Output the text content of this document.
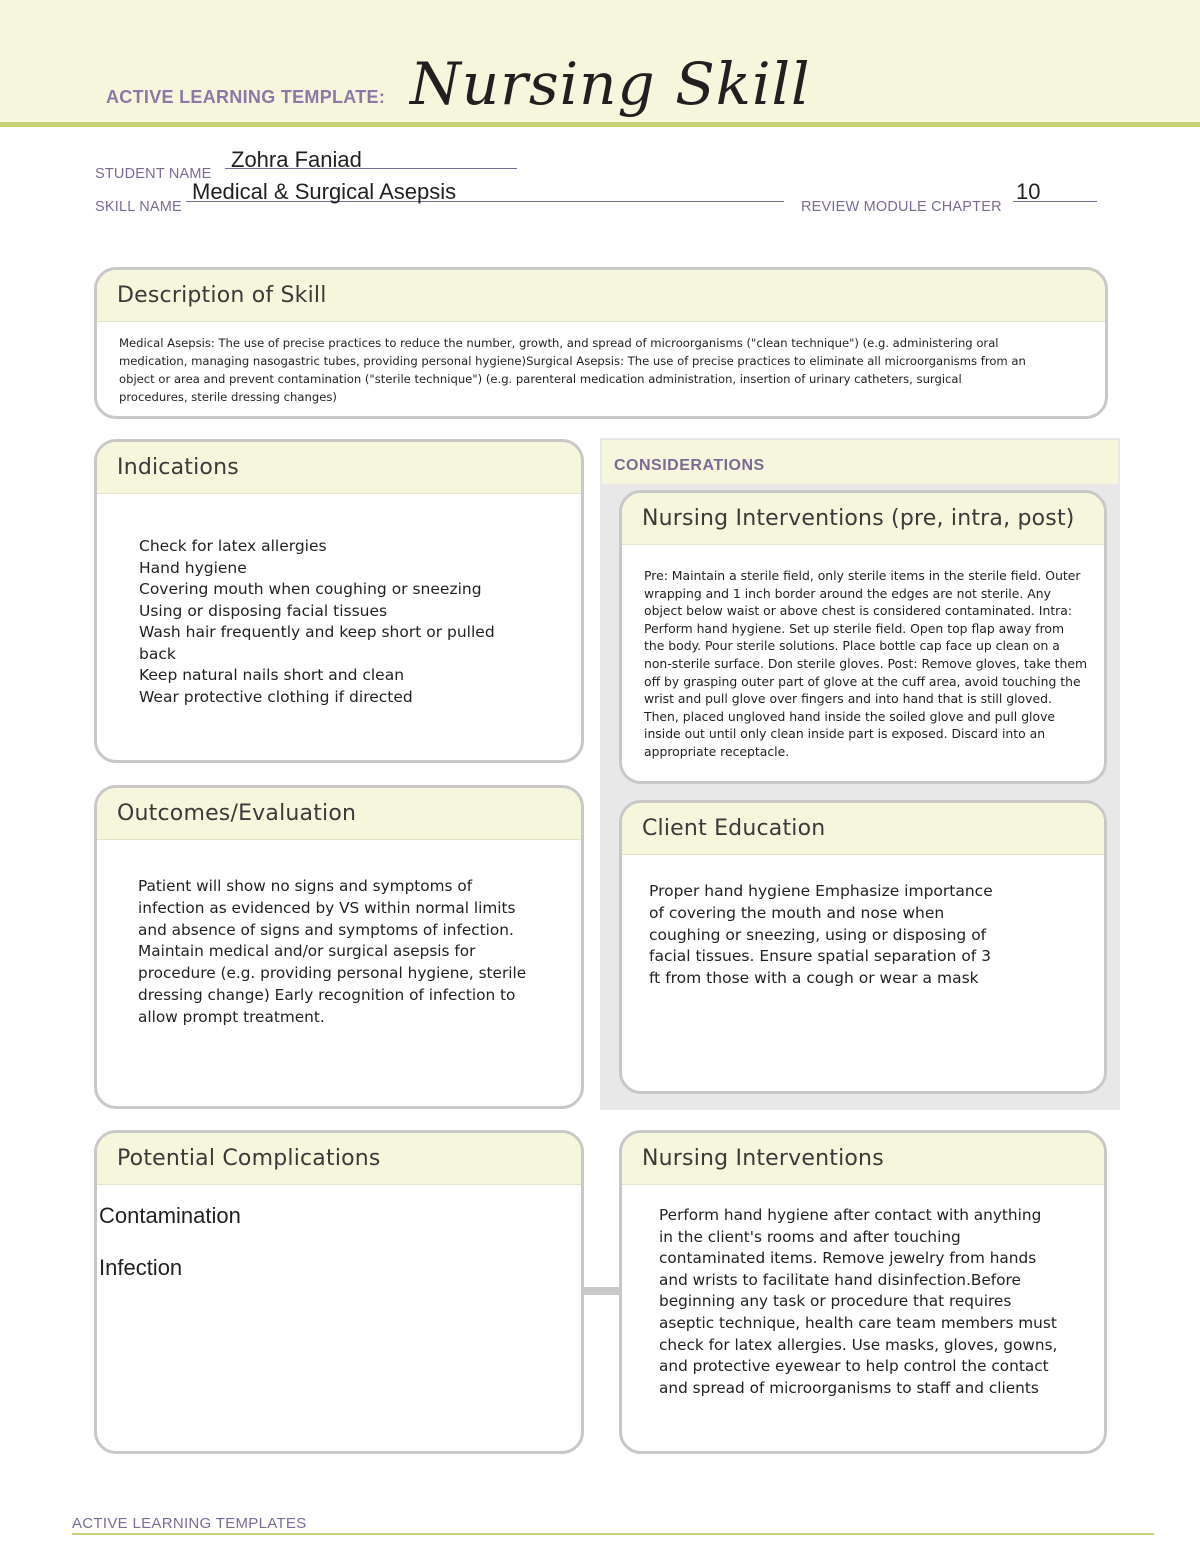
ACTIVE LEARNING TEMPLATE: Nursing Skill
STUDENT NAME
Zohra Faniad
SKILL NAME
Medical & Surgical Asepsis
REVIEW MODULE CHAPTER
10
Description of Skill
Medical Asepsis: The use of precise practices to reduce the number, growth, and spread of microorganisms ("clean technique") (e.g. administering oral medication, managing nasogastric tubes, providing personal hygiene)Surgical Asepsis: The use of precise practices to eliminate all microorganisms from an object or area and prevent contamination ("sterile technique") (e.g. parenteral medication administration, insertion of urinary catheters, surgical procedures, sterile dressing changes)
Indications
Check for latex allergies
Hand hygiene
Covering mouth when coughing or sneezing
Using or disposing facial tissues
Wash hair frequently and keep short or pulled
back
Keep natural nails short and clean
Wear protective clothing if directed
CONSIDERATIONS
Nursing Interventions (pre, intra, post)
Pre: Maintain a sterile field, only sterile items in the sterile field. Outer wrapping and 1 inch border around the edges are not sterile. Any object below waist or above chest is considered contaminated. Intra: Perform hand hygiene. Set up sterile field. Open top flap away from the body. Pour sterile solutions. Place bottle cap face up clean on a non-sterile surface. Don sterile gloves. Post: Remove gloves, take them off by grasping outer part of glove at the cuff area, avoid touching the wrist and pull glove over fingers and into hand that is still gloved. Then, placed ungloved hand inside the soiled glove and pull glove inside out until only clean inside part is exposed. Discard into an appropriate receptacle.
Client Education
Proper hand hygiene Emphasize importance of covering the mouth and nose when coughing or sneezing, using or disposing of facial tissues. Ensure spatial separation of 3 ft from those with a cough or wear a mask
Outcomes/Evaluation
Patient will show no signs and symptoms of infection as evidenced by VS within normal limits and absence of signs and symptoms of infection. Maintain medical and/or surgical asepsis for procedure (e.g. providing personal hygiene, sterile dressing change) Early recognition of infection to allow prompt treatment.
Potential Complications
Contamination
Infection
Nursing Interventions
Perform hand hygiene after contact with anything in the client's rooms and after touching contaminated items. Remove jewelry from hands and wrists to facilitate hand disinfection.Before beginning any task or procedure that requires aseptic technique, health care team members must check for latex allergies. Use masks, gloves, gowns, and protective eyewear to help control the contact and spread of microorganisms to staff and clients
ACTIVE LEARNING TEMPLATES
